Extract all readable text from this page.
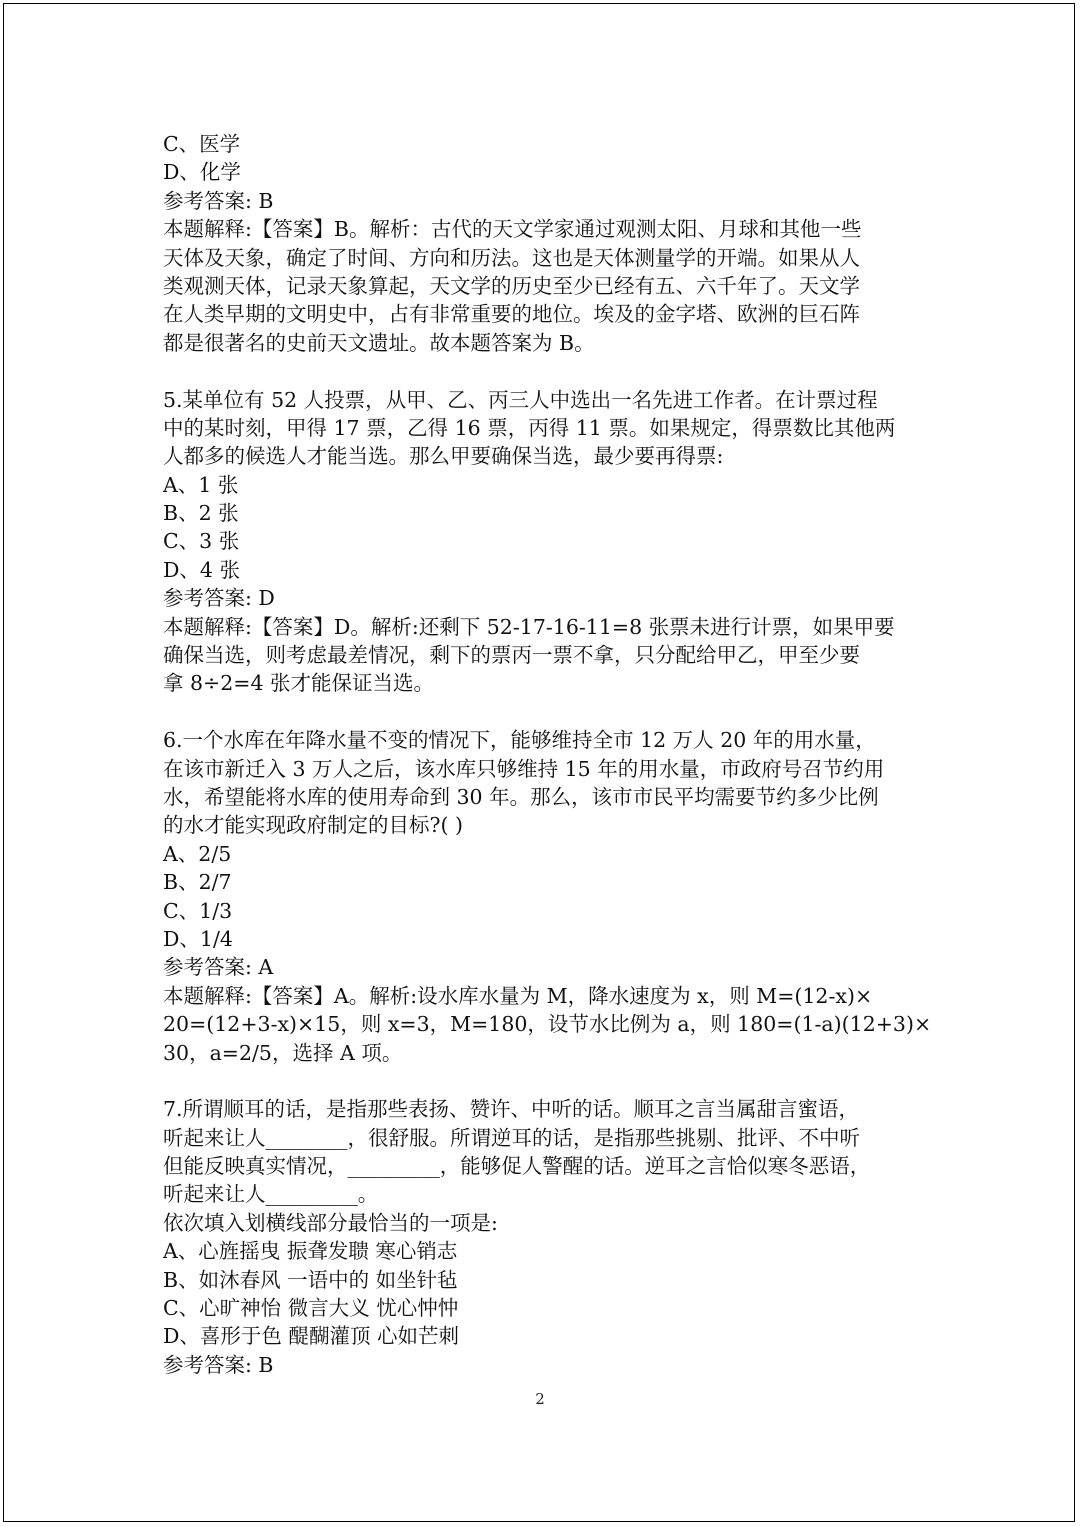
C、医学
D、化学
参考答案: B
本题解释:【答案】B。解析：古代的天文学家通过观测太阳、月球和其他一些
天体及天象，确定了时间、方向和历法。这也是天体测量学的开端。如果从人
类观测天体，记录天象算起，天文学的历史至少已经有五、六千年了。天文学
在人类早期的文明史中，占有非常重要的地位。埃及的金字塔、欧洲的巨石阵
都是很著名的史前天文遗址。故本题答案为 B。
5.某单位有 52 人投票，从甲、乙、丙三人中选出一名先进工作者。在计票过程
中的某时刻，甲得 17 票，乙得 16 票，丙得 11 票。如果规定，得票数比其他两
人都多的候选人才能当选。那么甲要确保当选，最少要再得票:
A、1 张
B、2 张
C、3 张
D、4 张
参考答案: D
本题解释:【答案】D。解析:还剩下 52-17-16-11=8 张票未进行计票，如果甲要
确保当选，则考虑最差情况，剩下的票丙一票不拿，只分配给甲乙，甲至少要
拿 8÷2=4 张才能保证当选。
6.一个水库在年降水量不变的情况下，能够维持全市 12 万人 20 年的用水量，
在该市新迁入 3 万人之后，该水库只够维持 15 年的用水量，市政府号召节约用
水，希望能将水库的使用寿命到 30 年。那么，该市市民平均需要节约多少比例
的水才能实现政府制定的目标?( )
A、2/5
B、2/7
C、1/3
D、1/4
参考答案: A
本题解释:【答案】A。解析:设水库水量为 M，降水速度为 x，则 M=(12-x)×
20=(12+3-x)×15，则 x=3，M=180，设节水比例为 a，则 180=(1-a)(12+3)×
30，a=2/5，选择 A 项。
7.所谓顺耳的话，是指那些表扬、赞许、中听的话。顺耳之言当属甜言蜜语，
听起来让人________，很舒服。所谓逆耳的话，是指那些挑剔、批评、不中听
但能反映真实情况，_________，能够促人警醒的话。逆耳之言恰似寒冬恶语，
听起来让人_________。
依次填入划横线部分最恰当的一项是:
A、心旌摇曳 振聋发聩 寒心销志
B、如沐春风 一语中的 如坐针毡
C、心旷神怡 微言大义 忧心忡忡
D、喜形于色 醍醐灌顶 心如芒刺
参考答案: B
2
